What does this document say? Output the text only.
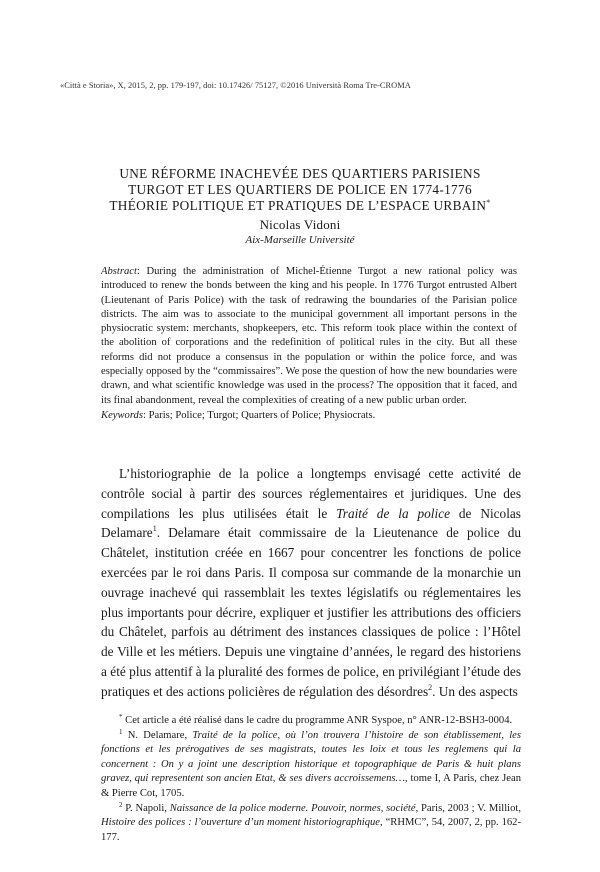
«Città e Storia», X, 2015, 2, pp. 179-197, doi: 10.17426/ 75127, ©2016 Università Roma Tre-CROMA
UNE RÉFORME INACHEVÉE DES QUARTIERS PARISIENS
TURGOT ET LES QUARTIERS DE POLICE EN 1774-1776
THÉORIE POLITIQUE ET PRATIQUES DE L’ESPACE URBAIN*
Nicolas Vidoni
Aix-Marseille Université

Abstract: During the administration of Michel-Étienne Turgot a new rational policy was introduced to renew the bonds between the king and his people. In 1776 Turgot entrusted Albert (Lieutenant of Paris Police) with the task of redrawing the boundaries of the Parisian police districts. The aim was to associate to the municipal government all important persons in the physiocratic system: merchants, shopkeepers, etc. This reform took place within the context of the abolition of corporations and the redefinition of political rules in the city. But all these reforms did not produce a consensus in the population or within the police force, and was especially opposed by the “commissaires”. We pose the question of how the new boundaries were drawn, and what scientific knowledge was used in the process? The opposition that it faced, and its final abandonment, reveal the complexities of creating of a new public urban order.

Keywords: Paris; Police; Turgot; Quarters of Police; Physiocrats.

L’historiographie de la police a longtemps envisagé cette activité de contrôle social à partir des sources réglementaires et juridiques. Une des compilations les plus utilisées était le Traité de la police de Nicolas Delamare$^1$. Delamare était commissaire de la Lieutenance de police du Châtelet, institution créée en 1667 pour concentrer les fonctions de police exercées par le roi dans Paris. Il composa sur commande de la monarchie un ouvrage inachevé qui rassemblait les textes législatifs ou réglementaires les plus importants pour décrire, expliquer et justifier les attributions des officiers du Châtelet, parfois au détriment des instances classiques de police : l’Hôtel de Ville et les métiers. Depuis une vingtaine d’années, le regard des historiens a été plus attentif à la pluralité des formes de police, en privilégiant l’étude des pratiques et des actions policières de régulation des désordres$^2$. Un des aspects

* Cet article a été réalisé dans le cadre du programme ANR Syspoe, n° ANR-12-BSH3-0004.

$^1$ N. Delamare, Traité de la police, où l’on trouvera l’histoire de son établissement, les fonctions et les prérogatives de ses magistrats, toutes les loix et tous les reglemens qui la concernent : On y a joint une description historique et topographique de Paris & huit plans gravez, qui representent son ancien Etat, & ses divers accroissemens…, tome I, A Paris, chez Jean & Pierre Cot, 1705.

$^2$ P. Napoli, Naissance de la police moderne. Pouvoir, normes, société, Paris, 2003 ; V. Milliot, Histoire des polices : l’ouverture d’un moment historiographique, “RHMC”, 54, 2007, 2, pp. 162-177.
